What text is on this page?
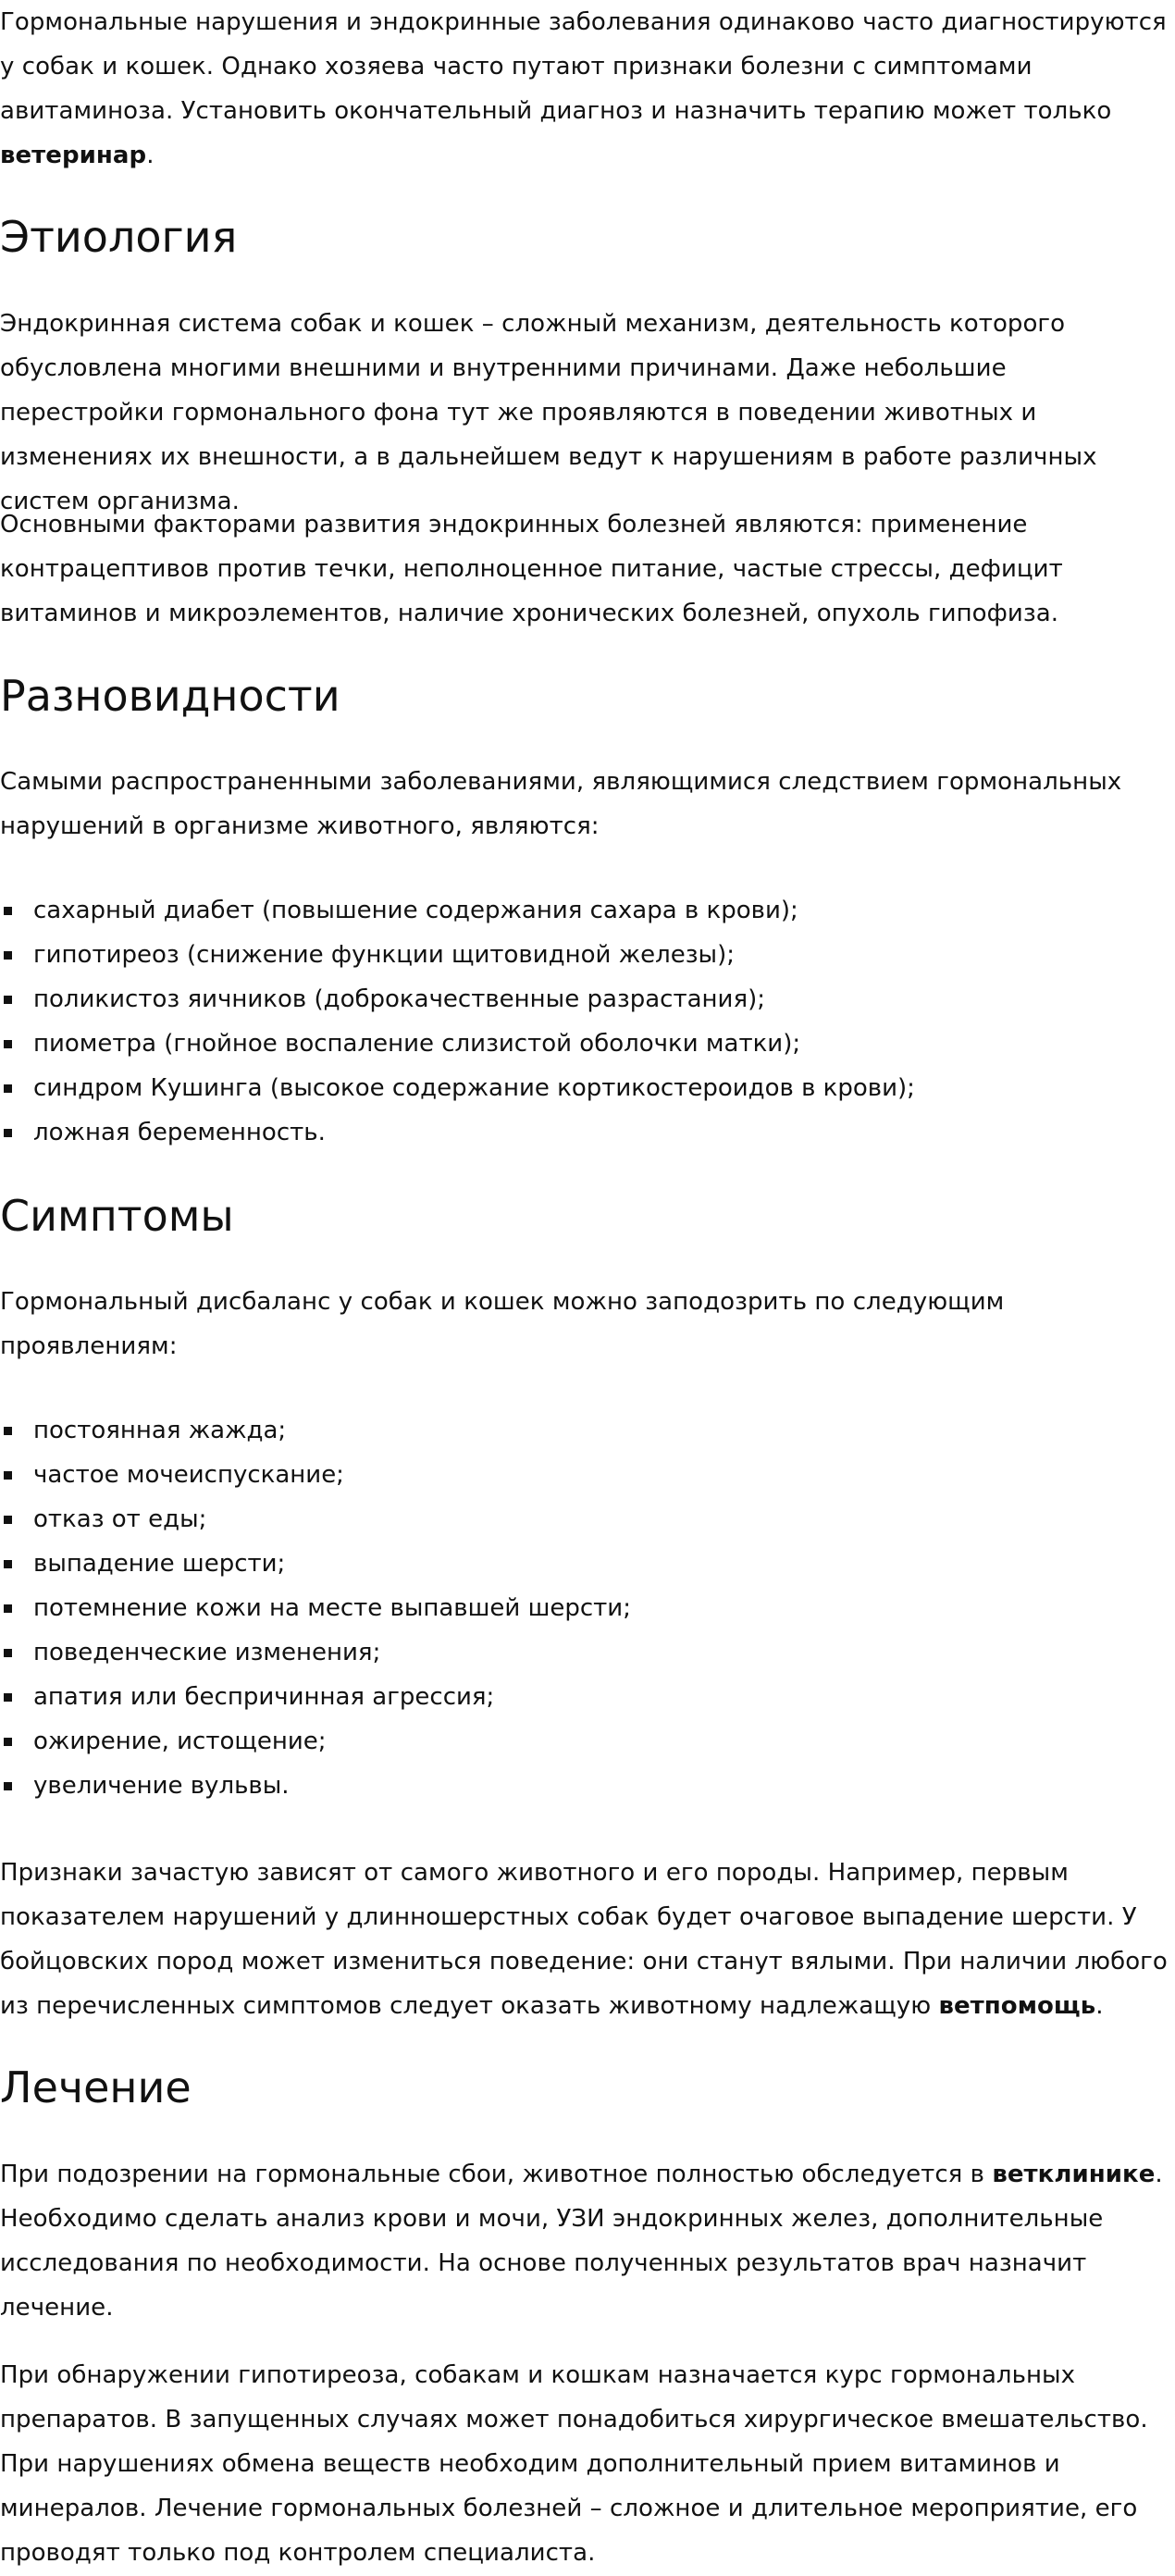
Гормональные нарушения и эндокринные заболевания одинаково часто диагностируются у собак и кошек. Однако хозяева часто путают признаки болезни с симптомами авитаминоза. Установить окончательный диагноз и назначить терапию может только ветеринар.

Этиология

Эндокринная система собак и кошек – сложный механизм, деятельность которого обусловлена многими внешними и внутренними причинами. Даже небольшие перестройки гормонального фона тут же проявляются в поведении животных и изменениях их внешности, а в дальнейшем ведут к нарушениям в работе различных систем организма.

Основными факторами развития эндокринных болезней являются: применение контрацептивов против течки, неполноценное питание, частые стрессы, дефицит витаминов и микроэлементов, наличие хронических болезней, опухоль гипофиза.

Разновидности

Самыми распространенными заболеваниями, являющимися следствием гормональных нарушений в организме животного, являются:

сахарный диабет (повышение содержания сахара в крови);
гипотиреоз (снижение функции щитовидной железы);
поликистоз яичников (доброкачественные разрастания);
пиометра (гнойное воспаление слизистой оболочки матки);
синдром Кушинга (высокое содержание кортикостероидов в крови);
ложная беременность.
Симптомы

Гормональный дисбаланс у собак и кошек можно заподозрить по следующим проявлениям:

постоянная жажда;
частое мочеиспускание;
отказ от еды;
выпадение шерсти;
потемнение кожи на месте выпавшей шерсти;
поведенческие изменения;
апатия или беспричинная агрессия;
ожирение, истощение;
увеличение вульвы.

Признаки зачастую зависят от самого животного и его породы. Например, первым показателем нарушений у длинношерстных собак будет очаговое выпадение шерсти. У бойцовских пород может измениться поведение: они станут вялыми. При наличии любого из перечисленных симптомов следует оказать животному надлежащую ветпомощь.

Лечение

При подозрении на гормональные сбои, животное полностью обследуется в ветклинике. Необходимо сделать анализ крови и мочи, УЗИ эндокринных желез, дополнительные исследования по необходимости. На основе полученных результатов врач назначит лечение.

При обнаружении гипотиреоза, собакам и кошкам назначается курс гормональных препаратов. В запущенных случаях может понадобиться хирургическое вмешательство. При нарушениях обмена веществ необходим дополнительный прием витаминов и минералов. Лечение гормональных болезней – сложное и длительное мероприятие, его проводят только под контролем специалиста.
